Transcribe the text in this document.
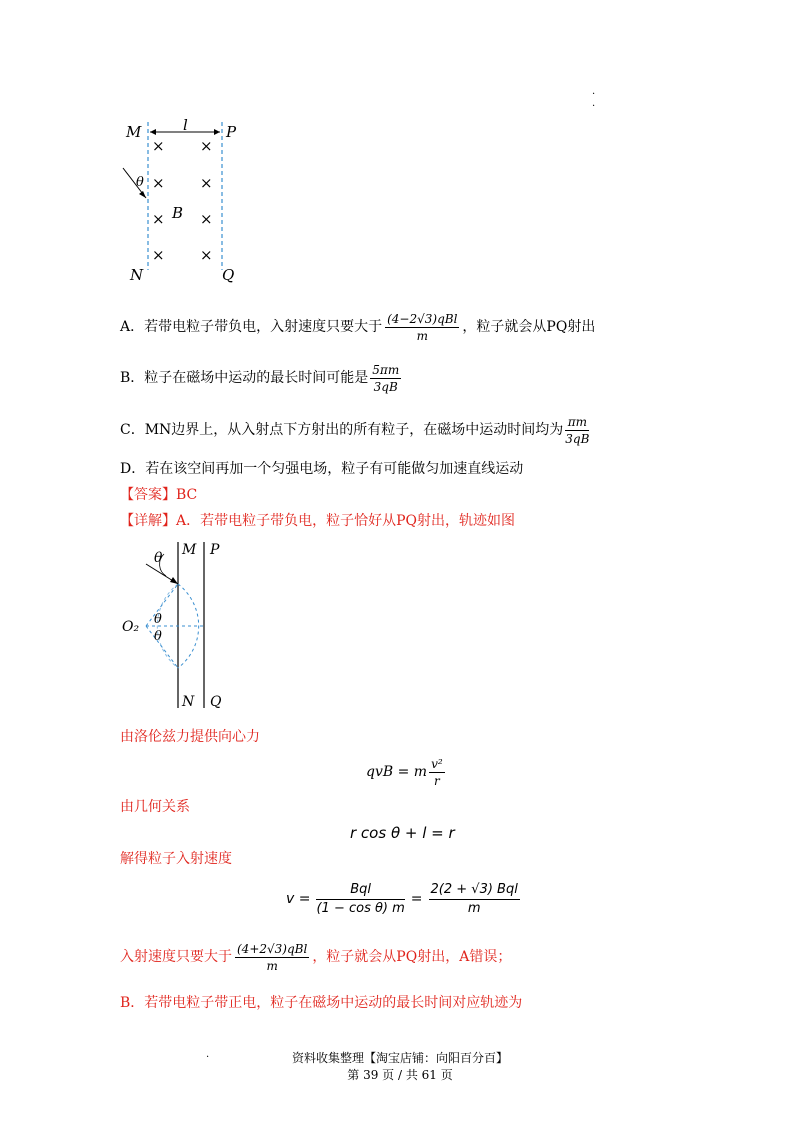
.
.
M	P
N	Q
l
θ
B
× ×
× ×
× ×
× ×
A．若带电粒子带负电，入射速度只要大于 $\frac{\text{(4−2√3)qBl}}{m}$ ，粒子就会从PQ射出
B．粒子在磁场中运动的最长时间可能是 $\frac{5\pi m}{3qB}$
C．MN边界上，从入射点下方射出的所有粒子，在磁场中运动时间均为 $\frac{\pi m}{3qB}$
D．若在该空间再加一个匀强电场，粒子有可能做匀加速直线运动
【答案】BC
【详解】A．若带电粒子带负电，粒子恰好从PQ射出，轨迹如图
θ M P
O₂ θ
θ
N Q
由洛伦兹力提供向心力
qvB = m $\frac{\text{v²}}{r}$
由几何关系
r cos θ + l = r
解得粒子入射速度
$v = \frac{\text{Bql}}{\text{(1 − cos θ) m}} = \frac{\text{2(2 + √3) Bql}}{m}$
入射速度只要大于 $\frac{\text{(4+2√3)qBl}}{m}$ ，粒子就会从PQ射出，A错误；
B．若带电粒子带正电，粒子在磁场中运动的最长时间对应轨迹为
.	资料收集整理【淘宝店铺：向阳百分百】
第 39 页 / 共 61 页
